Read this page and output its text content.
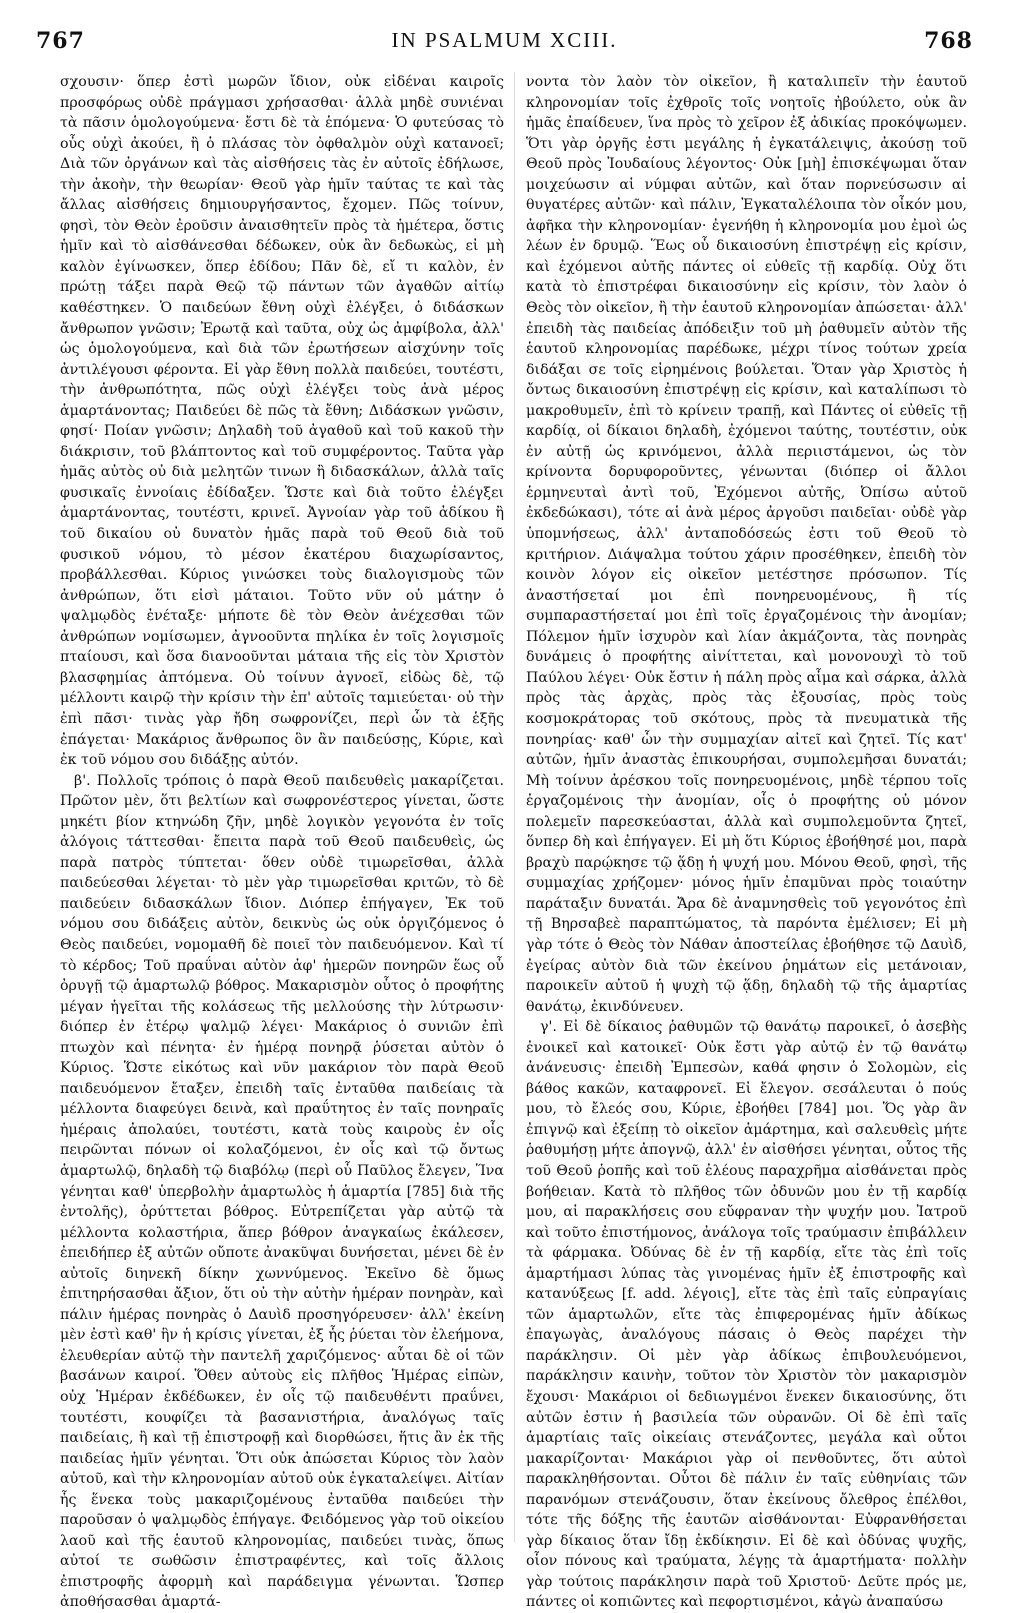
767	IN PSALMUM XCIII.	768

σχουσιν· ὅπερ ἐστὶ μωρῶν ἴδιον, οὐκ εἰδέναι καιροῖς προσφόρως οὐδὲ πράγμασι χρήσασθαι· ἀλλὰ μηδὲ συνιέναι τὰ πᾶσιν ὁμολογούμενα· ἔστι δὲ τὰ ἑπόμενα· Ὁ φυτεύσας τὸ οὖς οὐχὶ ἀκούει, ἢ ὁ πλάσας τὸν ὀφθαλμὸν οὐχὶ κατανοεῖ; Διὰ τῶν ὀργάνων καὶ τὰς αἰσθήσεις τὰς ἐν αὐτοῖς ἐδήλωσε, τὴν ἀκοὴν, τὴν θεωρίαν· Θεοῦ γὰρ ἡμῖν ταύτας τε καὶ τὰς ἄλλας αἰσθήσεις δημιουργήσαντος, ἔχομεν. Πῶς τοίνυν, φησὶ, τὸν Θεὸν ἐροῦσιν ἀναισθητεῖν πρὸς τὰ ἡμέτερα, ὅστις ἡμῖν καὶ τὸ αἰσθάνεσθαι δέδωκεν, οὐκ ἂν δεδωκὼς, εἰ μὴ καλὸν ἐγίνωσκεν, ὅπερ ἐδίδου; Πᾶν δὲ, εἴ τι καλὸν, ἐν πρώτῃ τάξει παρὰ Θεῷ τῷ πάντων τῶν ἀγαθῶν αἰτίῳ καθέστηκεν. Ὁ παιδεύων ἔθνη οὐχὶ ἐλέγξει, ὁ διδάσκων ἄνθρωπον γνῶσιν; Ἐρωτᾷ καὶ ταῦτα, οὐχ ὡς ἀμφίβολα, ἀλλ' ὡς ὁμολογούμενα, καὶ διὰ τῶν ἐρωτήσεων αἰσχύνην τοῖς ἀντιλέγουσι φέροντα. Εἰ γὰρ ἔθνη πολλὰ παιδεύει, τουτέστι, τὴν ἀνθρωπότητα, πῶς οὐχὶ ἐλέγξει τοὺς ἀνὰ μέρος ἁμαρτάνοντας; Παιδεύει δὲ πῶς τὰ ἔθνη; Διδάσκων γνῶσιν, φησί· Ποίαν γνῶσιν; Δηλαδὴ τοῦ ἀγαθοῦ καὶ τοῦ κακοῦ τὴν διάκρισιν, τοῦ βλάπτοντος καὶ τοῦ συμφέροντος. Ταῦτα γὰρ ἡμᾶς αὐτὸς οὐ διὰ μελητῶν τινων ἢ διδασκάλων, ἀλλὰ ταῖς φυσικαῖς ἐννοίαις ἐδίδαξεν. Ὥστε καὶ διὰ τοῦτο ἐλέγξει ἁμαρτάνοντας, τουτέστι, κρινεῖ. Ἀγνοίαν γὰρ τοῦ ἀδίκου ἢ τοῦ δικαίου οὐ δυνατὸν ἡμᾶς παρὰ τοῦ Θεοῦ διὰ τοῦ φυσικοῦ νόμου, τὸ μέσον ἑκατέρου διαχωρίσαντος, προβάλλεσθαι. Κύριος γινώσκει τοὺς διαλογισμοὺς τῶν ἀνθρώπων, ὅτι εἰσὶ μάταιοι. Τοῦτο νῦν οὐ μάτην ὁ ψαλμῳδὸς ἐνέταξε· μήποτε δὲ τὸν Θεὸν ἀνέχεσθαι τῶν ἀνθρώπων νομίσωμεν, ἀγνοοῦντα πηλίκα ἐν τοῖς λογισμοῖς πταίουσι, καὶ ὅσα διανοοῦνται μάταια τῆς εἰς τὸν Χριστὸν βλασφημίας ἀπτόμενα. Οὐ τοίνυν ἀγνοεῖ, εἰδὼς δὲ, τῷ μέλλοντι καιρῷ τὴν κρίσιν τὴν ἐπ' αὐτοῖς ταμιεύεται· οὐ τὴν ἐπὶ πᾶσι· τινὰς γὰρ ἤδη σωφρονίζει, περὶ ὧν τὰ ἑξῆς ἐπάγεται· Μακάριος ἄνθρωπος ὃν ἂν παιδεύσῃς, Κύριε, καὶ ἐκ τοῦ νόμου σου διδάξῃς αὐτόν.

β'. Πολλοῖς τρόποις ὁ παρὰ Θεοῦ παιδευθεὶς μακαρίζεται. Πρῶτον μὲν, ὅτι βελτίων καὶ σωφρονέστερος γίνεται, ὥστε μηκέτι βίον κτηνώδη ζῆν, μηδὲ λογικὸν γεγονότα ἐν τοῖς ἀλόγοις τάττεσθαι· ἔπειτα παρὰ τοῦ Θεοῦ παιδευθεὶς, ὡς παρὰ πατρὸς τύπτεται· ὅθεν οὐδὲ τιμωρεῖσθαι, ἀλλὰ παιδεύεσθαι λέγεται· τὸ μὲν γὰρ τιμωρεῖσθαι κριτῶν, τὸ δὲ παιδεύειν διδασκάλων ἴδιον. Διόπερ ἐπήγαγεν, Ἐκ τοῦ νόμου σου διδάξεις αὐτὸν, δεικνὺς ὡς οὐκ ὀργιζόμενος ὁ Θεὸς παιδεύει, νομομαθῆ δὲ ποιεῖ τὸν παιδευόμενον. Καὶ τί τὸ κέρδος; Τοῦ πραΰναι αὐτὸν ἀφ' ἡμερῶν πονηρῶν ἕως οὗ ὀρυγῇ τῷ ἁμαρτωλῷ βόθρος. Μακαρισμὸν οὗτος ὁ προφήτης μέγαν ἡγεῖται τῆς κολάσεως τῆς μελλούσης τὴν λύτρωσιν· διόπερ ἐν ἑτέρῳ ψαλμῷ λέγει· Μακάριος ὁ συνιῶν ἐπὶ πτωχὸν καὶ πένητα· ἐν ἡμέρᾳ πονηρᾷ ῥύσεται αὐτὸν ὁ Κύριος. Ὥστε εἰκότως καὶ νῦν μακάριον τὸν παρὰ Θεοῦ παιδευόμενον ἔταξεν, ἐπειδὴ ταῖς ἐνταῦθα παιδείαις τὰ μέλλοντα διαφεύγει δεινὰ, καὶ πραΰτητος ἐν ταῖς πονηραῖς ἡμέραις ἀπολαύει, τουτέστι, κατὰ τοὺς καιροὺς ἐν οἷς πειρῶνται πόνων οἱ κολαζόμενοι, ἐν οἷς καὶ τῷ ὄντως ἁμαρτωλῷ, δηλαδὴ τῷ διαβόλῳ (περὶ οὗ Παῦλος ἔλεγεν, Ἵνα γένηται καθ' ὑπερβολὴν ἁμαρτωλὸς ἡ ἁμαρτία [785] διὰ τῆς ἐντολῆς), ὀρύττεται βόθρος. Εὐτρεπίζεται γὰρ αὐτῷ τὰ μέλλοντα κολαστήρια, ἅπερ βόθρον ἀναγκαίως ἐκάλεσεν, ἐπειδήπερ ἐξ αὐτῶν οὔποτε ἀνακῦψαι δυνήσεται, μένει δὲ ἐν αὐτοῖς διηνεκῆ δίκην χωννύμενος. Ἐκεῖνο δὲ ὅμως ἐπιτηρήσασθαι ἄξιον, ὅτι οὐ τὴν αὐτὴν ἡμέραν πονηρὰν, καὶ πάλιν ἡμέρας πονηρὰς ὁ Δαυὶδ προσηγόρευσεν· ἀλλ' ἐκείνη μὲν ἐστὶ καθ' ἣν ἡ κρίσις γίνεται, ἐξ ἧς ῥύεται τὸν ἐλεήμονα, ἐλευθερίαν αὐτῷ τὴν παντελῆ χαριζόμενος· αὗται δὲ οἱ τῶν βασάνων καιροί. Ὅθεν αὐτοὺς εἰς πλῆθος Ἡμέρας εἰπὼν, οὐχ Ἡμέραν ἐκδέδωκεν, ἐν οἷς τῷ παιδευθέντι πραΰνει, τουτέστι, κουφίζει τὰ βασανιστήρια, ἀναλόγως ταῖς παιδείαις, ἢ καὶ τῇ ἐπιστροφῇ καὶ διορθώσει, ἥτις ἂν ἐκ τῆς παιδείας ἡμῖν γένηται. Ὅτι οὐκ ἀπώσεται Κύριος τὸν λαὸν αὐτοῦ, καὶ τὴν κληρονομίαν αὐτοῦ οὐκ ἐγκαταλείψει. Αἰτίαν ἧς ἕνεκα τοὺς μακαριζομένους ἐνταῦθα παιδεύει τὴν παροῦσαν ὁ ψαλμῳδὸς ἐπήγαγε. Φειδόμενος γὰρ τοῦ οἰκείου λαοῦ καὶ τῆς ἑαυτοῦ κληρονομίας, παιδεύει τινὰς, ὅπως αὐτοί τε σωθῶσιν ἐπιστραφέντες, καὶ τοῖς ἄλλοις ἐπιστροφῆς ἀφορμὴ καὶ παράδειγμα γένωνται. Ὥσπερ ἀποθήσασθαι ἁμαρτά-

νοντα τὸν λαὸν τὸν οἰκεῖον, ἢ καταλιπεῖν τὴν ἑαυτοῦ κληρονομίαν τοῖς ἐχθροῖς τοῖς νοητοῖς ἠβούλετο, οὐκ ἂν ἡμᾶς ἐπαίδευεν, ἵνα πρὸς τὸ χεῖρον ἐξ ἀδικίας προκόψωμεν. Ὅτι γὰρ ὀργῆς ἐστι μεγάλης ἡ ἐγκατάλειψις, ἀκούσῃ τοῦ Θεοῦ πρὸς Ἰουδαίους λέγοντος· Οὐκ [μὴ] ἐπισκέψωμαι ὅταν μοιχεύωσιν αἱ νύμφαι αὐτῶν, καὶ ὅταν πορνεύσωσιν αἱ θυγατέρες αὐτῶν· καὶ πάλιν, Ἐγκαταλέλοιπα τὸν οἶκόν μου, ἀφῆκα τὴν κληρονομίαν· ἐγενήθη ἡ κληρονομία μου ἐμοὶ ὡς λέων ἐν δρυμῷ. Ἕως οὗ δικαιοσύνη ἐπιστρέψῃ εἰς κρίσιν, καὶ ἐχόμενοι αὐτῆς πάντες οἱ εὐθεῖς τῇ καρδίᾳ. Οὐχ ὅτι κατὰ τὸ ἐπιστρέφαι δικαιοσύνην εἰς κρίσιν, τὸν λαὸν ὁ Θεὸς τὸν οἰκεῖον, ἢ τὴν ἑαυτοῦ κληρονομίαν ἀπώσεται· ἀλλ' ἐπειδὴ τὰς παιδείας ἀπόδειξιν τοῦ μὴ ῥαθυμεῖν αὐτὸν τῆς ἑαυτοῦ κληρονομίας παρέδωκε, μέχρι τίνος τούτων χρεία διδάξαι σε τοῖς εἰρημένοις βούλεται. Ὅταν γὰρ Χριστὸς ἡ ὄντως δικαιοσύνη ἐπιστρέψῃ εἰς κρίσιν, καὶ καταλίπωσι τὸ μακροθυμεῖν, ἐπὶ τὸ κρίνειν τραπῇ, καὶ Πάντες οἱ εὐθεῖς τῇ καρδίᾳ, οἱ δίκαιοι δηλαδὴ, ἐχόμενοι ταύτης, τουτέστιν, οὐκ ἐν αὐτῇ ὡς κρινόμενοι, ἀλλὰ περιιστάμενοι, ὡς τὸν κρίνοντα δορυφοροῦντες, γένωνται (διόπερ οἱ ἄλλοι ἑρμηνευταὶ ἀντὶ τοῦ, Ἐχόμενοι αὐτῆς, Ὀπίσω αὐτοῦ ἐκδεδώκασι), τότε αἱ ἀνὰ μέρος ἀργοῦσι παιδεῖαι· οὐδὲ γὰρ ὑπομνήσεως, ἀλλ' ἀνταποδόσεώς ἐστι τοῦ Θεοῦ τὸ κριτήριον. Διάψαλμα τούτου χάριν προσέθηκεν, ἐπειδὴ τὸν κοινὸν λόγον εἰς οἰκεῖον μετέστησε πρόσωπον. Τίς ἀναστήσεταί μοι ἐπὶ πονηρευομένους, ἢ τίς συμπαραστήσεταί μοι ἐπὶ τοῖς ἐργαζομένοις τὴν ἀνομίαν; Πόλεμον ἡμῖν ἰσχυρὸν καὶ λίαν ἀκμάζοντα, τὰς πονηρὰς δυνάμεις ὁ προφήτης αἰνίττεται, καὶ μονονουχὶ τὸ τοῦ Παύλου λέγει· Οὐκ ἔστιν ἡ πάλη πρὸς αἷμα καὶ σάρκα, ἀλλὰ πρὸς τὰς ἀρχὰς, πρὸς τὰς ἐξουσίας, πρὸς τοὺς κοσμοκράτορας τοῦ σκότους, πρὸς τὰ πνευματικὰ τῆς πονηρίας· καθ' ὧν τὴν συμμαχίαν αἰτεῖ καὶ ζητεῖ. Τίς κατ' αὐτῶν, ἡμῖν ἀναστὰς ἐπικουρήσαι, συμπολεμῆσαι δυνατάι; Μὴ τοίνυν ἀρέσκου τοῖς πονηρευομένοις, μηδὲ τέρπου τοῖς ἐργαζομένοις τὴν ἀνομίαν, οἷς ὁ προφήτης οὐ μόνον πολεμεῖν παρεσκεύασται, ἀλλὰ καὶ συμπολεμοῦντα ζητεῖ, ὅνπερ δὴ καὶ ἐπήγαγεν. Εἰ μὴ ὅτι Κύριος ἐβοήθησέ μοι, παρὰ βραχὺ παρῴκησε τῷ ᾅδῃ ἡ ψυχή μου. Μόνου Θεοῦ, φησὶ, τῆς συμμαχίας χρήζομεν· μόνος ἡμῖν ἐπαμῦναι πρὸς τοιαύτην παράταξιν δυνατάι. Ἄρα δὲ ἀναμνησθεὶς τοῦ γεγονότος ἐπὶ τῇ Βηρσαβεὲ παραπτώματος, τὰ παρόντα ἐμέλισεν; Εἰ μὴ γὰρ τότε ὁ Θεὸς τὸν Νάθαν ἀποστείλας ἐβοήθησε τῷ Δαυὶδ, ἐγείρας αὐτὸν διὰ τῶν ἐκείνου ῥημάτων εἰς μετάνοιαν, παροικεῖν αὐτοῦ ἡ ψυχὴ τῷ ᾅδῃ, δηλαδὴ τῷ τῆς ἁμαρτίας θανάτῳ, ἐκινδύνευεν.

γ'. Εἰ δὲ δίκαιος ῥαθυμῶν τῷ θανάτῳ παροικεῖ, ὁ ἀσεβὴς ἐνοικεῖ καὶ κατοικεῖ· Οὐκ ἔστι γὰρ αὐτῷ ἐν τῷ θανάτῳ ἀνάνευσις· ἐπειδὴ Ἐμπεσὼν, καθά φησιν ὁ Σολομὼν, εἰς βάθος κακῶν, καταφρονεῖ. Εἰ ἔλεγον. σεσάλευται ὁ πούς μου, τὸ ἔλεός σου, Κύριε, ἐβοήθει [784] μοι. Ὅς γὰρ ἂν ἐπιγνῷ καὶ ἐξείπῃ τὸ οἰκεῖον ἁμάρτημα, καὶ σαλευθεὶς μήτε ῥαθυμήσῃ μήτε ἀπογνῷ, ἀλλ' ἐν αἰσθήσει γένηται, οὗτος τῆς τοῦ Θεοῦ ῥοπῆς καὶ τοῦ ἐλέους παραχρῆμα αἰσθάνεται πρὸς βοήθειαν. Κατὰ τὸ πλῆθος τῶν ὀδυνῶν μου ἐν τῇ καρδίᾳ μου, αἱ παρακλήσεις σου εὔφραναν τὴν ψυχήν μου. Ἰατροῦ καὶ τοῦτο ἐπιστήμονος, ἀνάλογα τοῖς τραύμασιν ἐπιβάλλειν τὰ φάρμακα. Ὀδύνας δὲ ἐν τῇ καρδίᾳ, εἴτε τὰς ἐπὶ τοῖς ἁμαρτήμασι λύπας τὰς γινομένας ἡμῖν ἐξ ἐπιστροφῆς καὶ κατανύξεως [f. add. λέγοις], εἴτε τὰς ἐπὶ ταῖς εὐπραγίαις τῶν ἁμαρτωλῶν, εἴτε τὰς ἐπιφερομένας ἡμῖν ἀδίκως ἐπαγωγὰς, ἀναλόγους πάσαις ὁ Θεὸς παρέχει τὴν παράκλησιν. Οἱ μὲν γὰρ ἀδίκως ἐπιβουλευόμενοι, παράκλησιν καινὴν, τοῦτον τὸν Χριστὸν τὸν μακαρισμὸν ἔχουσι· Μακάριοι οἱ δεδιωγμένοι ἕνεκεν δικαιοσύνης, ὅτι αὐτῶν ἐστιν ἡ βασιλεία τῶν οὐρανῶν. Οἱ δὲ ἐπὶ ταῖς ἁμαρτίαις ταῖς οἰκείαις στενάζοντες, μεγάλα καὶ οὗτοι μακαρίζονται· Μακάριοι γὰρ οἱ πενθοῦντες, ὅτι αὐτοὶ παρακληθήσονται. Οὗτοι δὲ πάλιν ἐν ταῖς εὐθηνίαις τῶν παρανόμων στενάζουσιν, ὅταν ἐκείνους ὄλεθρος ἐπέλθοι, τότε τῆς δόξης τῆς ἑαυτῶν αἰσθάνονται· Εὐφρανθήσεται γὰρ δίκαιος ὅταν ἴδῃ ἐκδίκησιν. Εἰ δὲ καὶ ὀδύνας ψυχῆς, οἷον πόνους καὶ τραύματα, λέγῃς τὰ ἁμαρτήματα· πολλὴν γὰρ τούτοις παράκλησιν παρὰ τοῦ Χριστοῦ· Δεῦτε πρός με, πάντες οἱ κοπιῶντες καὶ πεφορτισμένοι, κἀγὼ ἀναπαύσω
